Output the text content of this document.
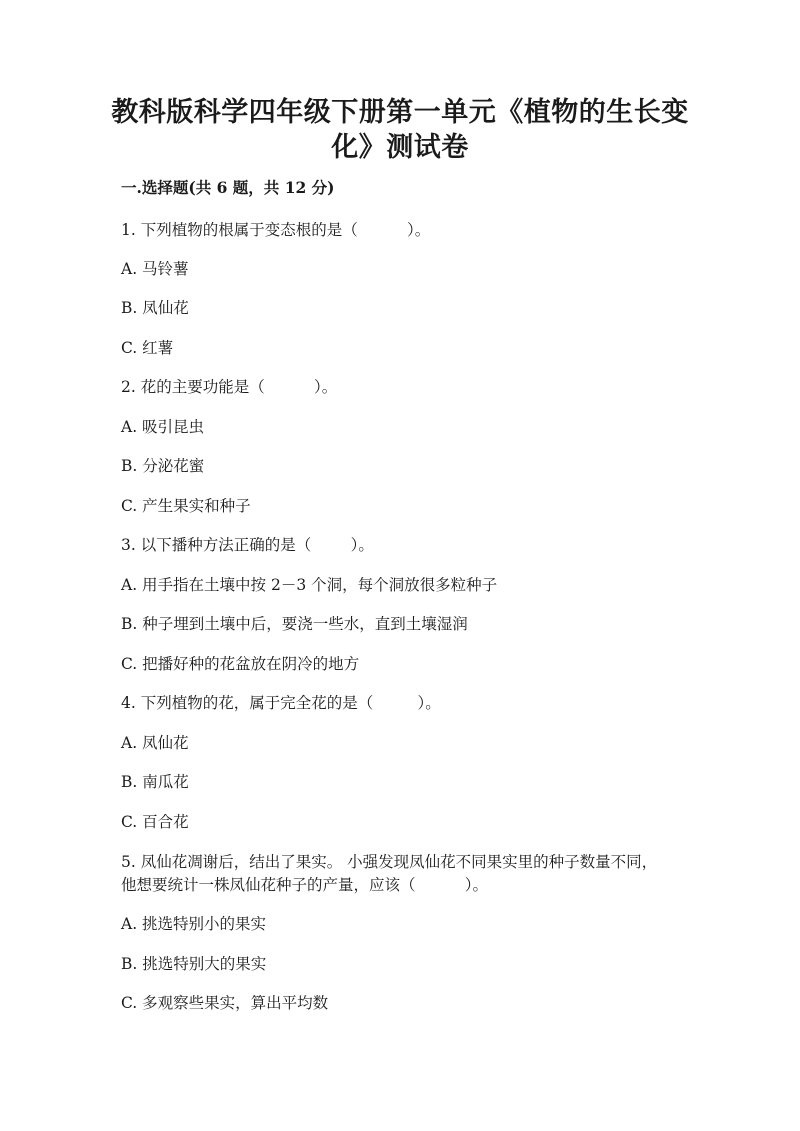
教科版科学四年级下册第一单元《植物的生长变
化》测试卷
一.选择题(共 6 题，共 12 分)
1. 下列植物的根属于变态根的是（          ）。
A. 马铃薯
B. 凤仙花
C. 红薯
2. 花的主要功能是（          ）。
A. 吸引昆虫
B. 分泌花蜜
C. 产生果实和种子
3. 以下播种方法正确的是（        ）。
A. 用手指在土壤中按 2－3 个洞，每个洞放很多粒种子
B. 种子埋到土壤中后，要浇一些水，直到土壤湿润
C. 把播好种的花盆放在阴冷的地方
4. 下列植物的花，属于完全花的是（         ）。
A. 凤仙花
B. 南瓜花
C. 百合花
5. 凤仙花凋谢后，结出了果实。 小强发现凤仙花不同果实里的种子数量不同，
他想要统计一株凤仙花种子的产量，应该（          ）。
A. 挑选特别小的果实
B. 挑选特别大的果实
C. 多观察些果实，算出平均数
